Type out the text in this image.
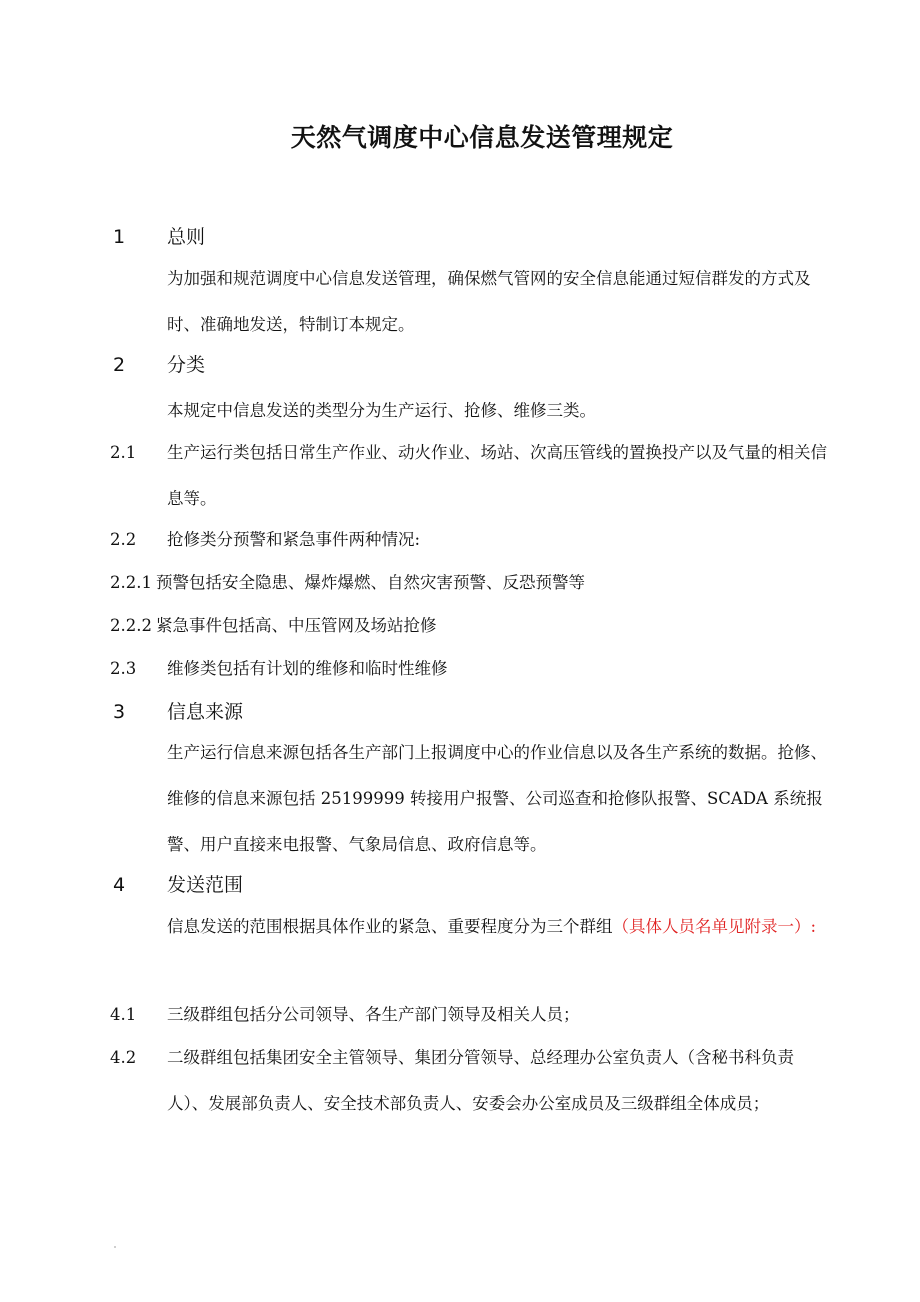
天然气调度中心信息发送管理规定
1 总则
为加强和规范调度中心信息发送管理，确保燃气管网的安全信息能通过短信群发的方式及时、准确地发送，特制订本规定。
2 分类
本规定中信息发送的类型分为生产运行、抢修、维修三类。
2.1 生产运行类包括日常生产作业、动火作业、场站、次高压管线的置换投产以及气量的相关信息等。
2.2 抢修类分预警和紧急事件两种情况:
2.2.1 预警包括安全隐患、爆炸爆燃、自然灾害预警、反恐预警等
2.2.2 紧急事件包括高、中压管网及场站抢修
2.3 维修类包括有计划的维修和临时性维修
3 信息来源
生产运行信息来源包括各生产部门上报调度中心的作业信息以及各生产系统的数据。抢修、维修的信息来源包括 25199999 转接用户报警、公司巡查和抢修队报警、SCADA 系统报警、用户直接来电报警、气象局信息、政府信息等。
4 发送范围
信息发送的范围根据具体作业的紧急、重要程度分为三个群组（具体人员名单见附录一）:
4.1 三级群组包括分公司领导、各生产部门领导及相关人员；
4.2 二级群组包括集团安全主管领导、集团分管领导、总经理办公室负责人（含秘书科负责人）、发展部负责人、安全技术部负责人、安委会办公室成员及三级群组全体成员；
